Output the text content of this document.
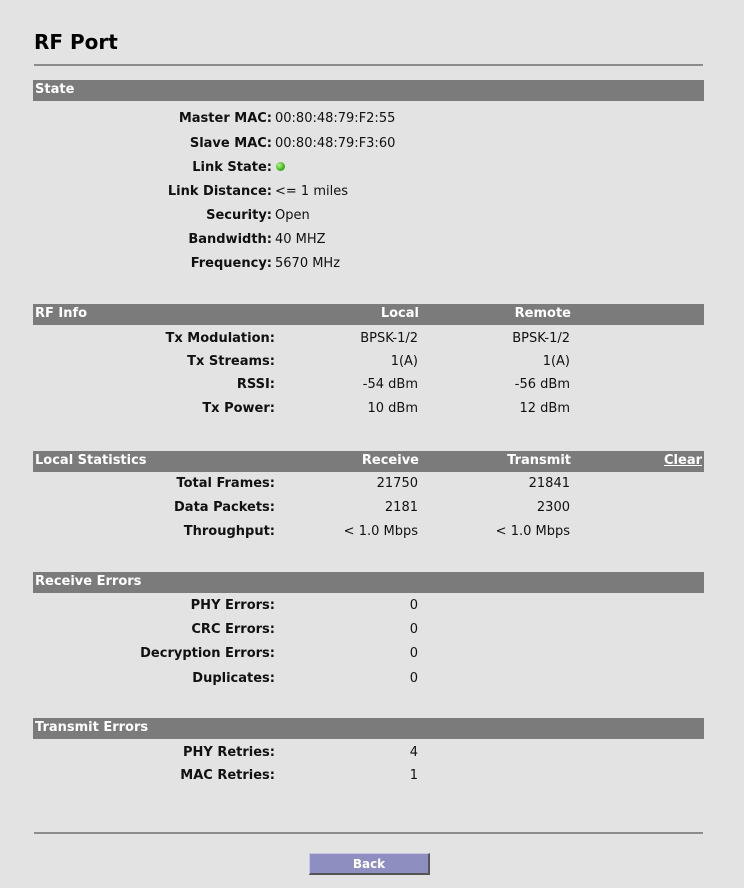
RF Port
State
Master MAC: 00:80:48:79:F2:55
Slave MAC: 00:80:48:79:F3:60
Link State:
Link Distance: <= 1 miles
Security: Open
Bandwidth: 40 MHZ
Frequency: 5670 MHz
RF Info	Local	Remote
Tx Modulation:	BPSK-1/2	BPSK-1/2
Tx Streams:	1(A)	1(A)
RSSI:	-54 dBm	-56 dBm
Tx Power:	10 dBm	12 dBm
Local Statistics	Receive	Transmit	Clear
Total Frames:	21750	21841
Data Packets:	2181	2300
Throughput:	< 1.0 Mbps	< 1.0 Mbps
Receive Errors
PHY Errors:	0
CRC Errors:	0
Decryption Errors:	0
Duplicates:	0
Transmit Errors
PHY Retries:	4
MAC Retries:	1
Back
